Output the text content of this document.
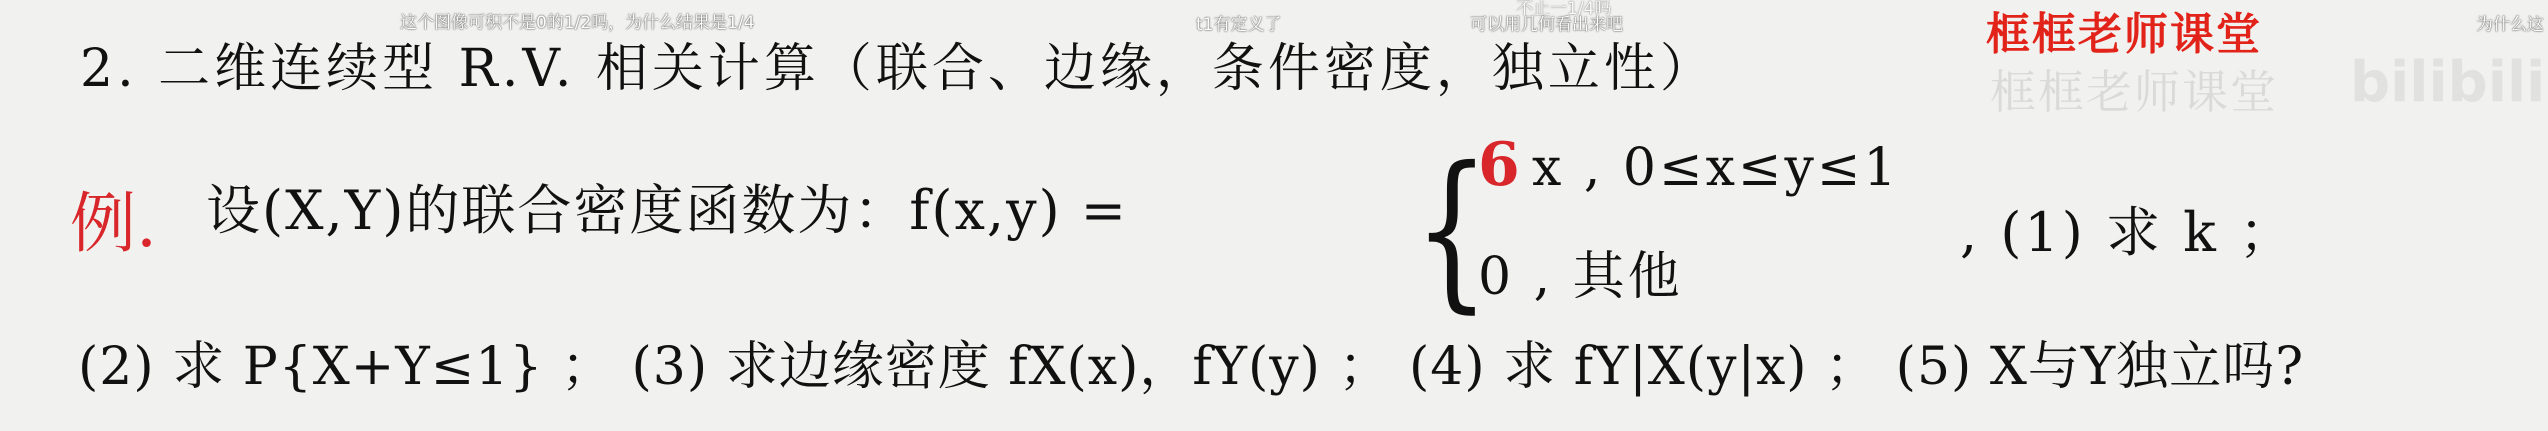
这个图像可积不是0的1/2吗，为什么结果是1/4	t1有定义了	可以用几何看出来吧	为什么这
不止一1/4吗	框框老师课堂
框框老师课堂 bilibili
2. 二维连续型 R.V. 相关计算（联合、边缘，条件密度，独立性）
例. 设(X,Y)的联合密度函数为：f(x,y) = {
6 x , 0≤x≤y≤1
0 , 其他
, (1) 求 k ；
(2) 求 P{X+Y≤1} ； (3) 求边缘密度 fX(x)，fY(y) ； (4) 求 fY|X(y|x) ； (5) X与Y独立吗?
